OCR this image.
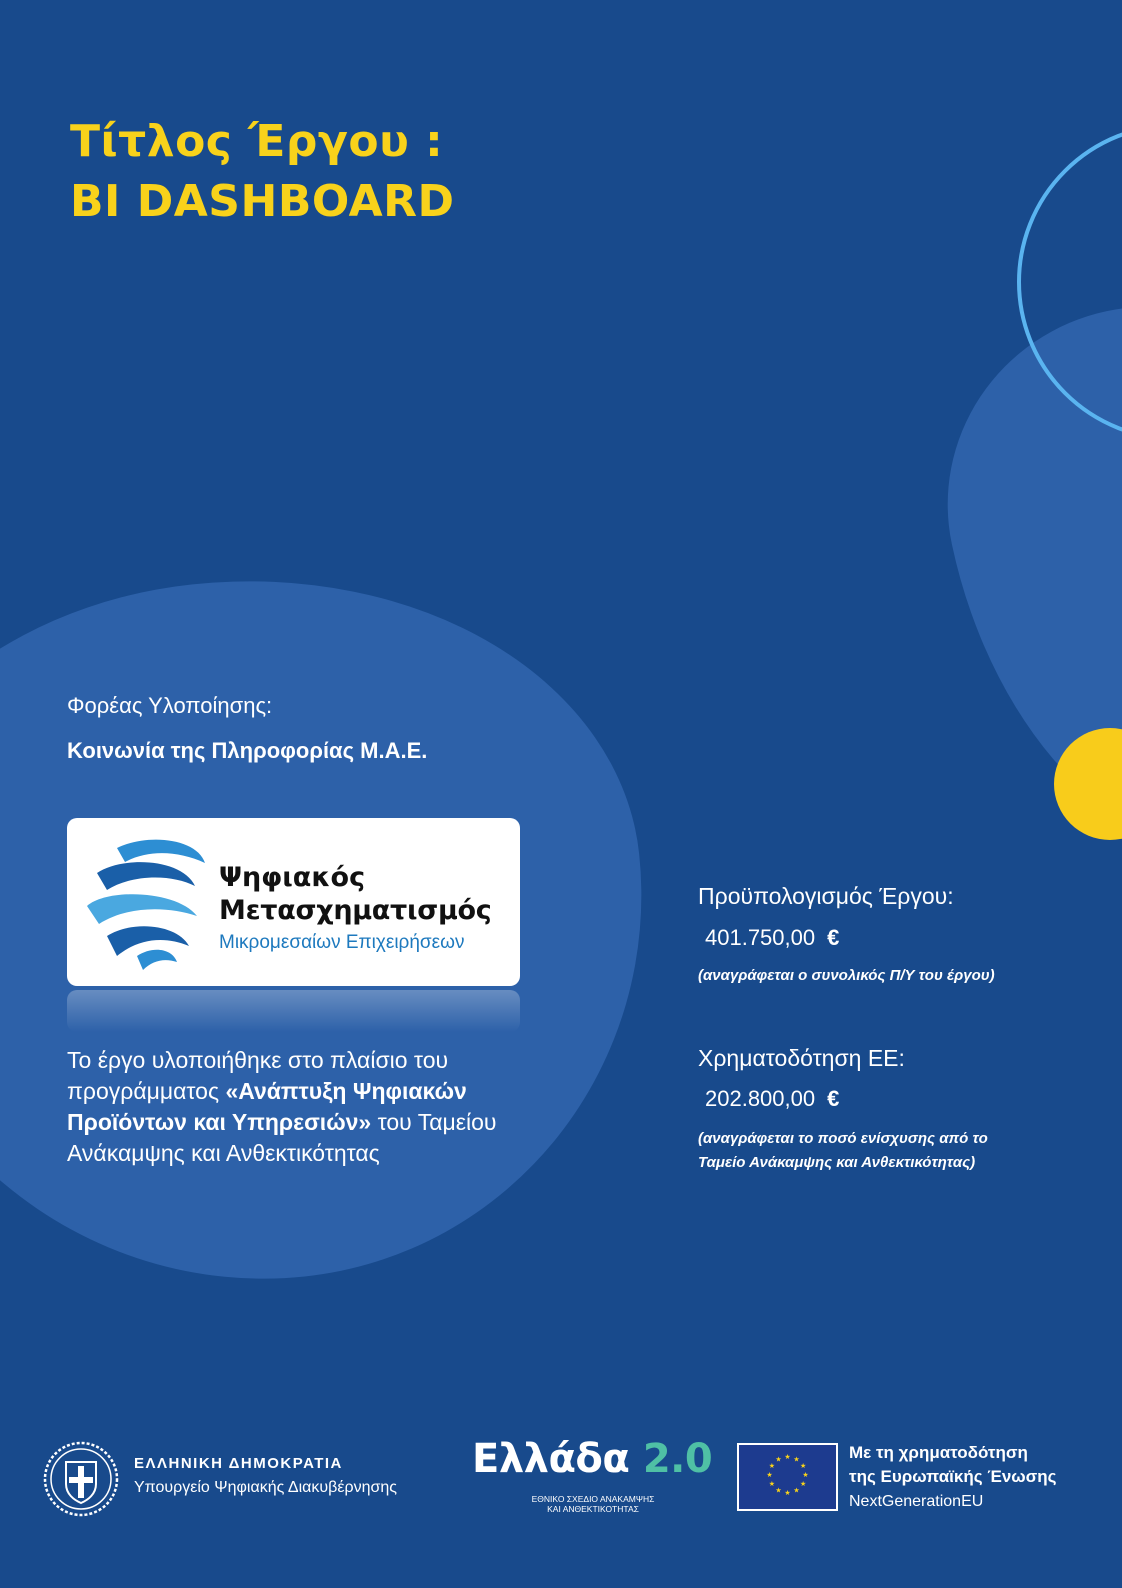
Τίτλος Έργου :
BI DASHBOARD
Φορέας Υλοποίησης:
Κοινωνία της Πληροφορίας Μ.Α.Ε.
Ψηφιακός
Μετασχηματισμός
Μικρομεσαίων Επιχειρήσεων
Το έργο υλοποιήθηκε στο πλαίσιο του προγράμματος «Ανάπτυξη Ψηφιακών Προϊόντων και Υπηρεσιών» του Ταμείου Ανάκαμψης και Ανθεκτικότητας
Προϋπολογισμός Έργου:
401.750,00 €
(αναγράφεται ο συνολικός Π/Υ του έργου)
Χρηματοδότηση ΕΕ:
202.800,00 €
(αναγράφεται το ποσό ενίσχυσης από το Ταμείο Ανάκαμψης και Ανθεκτικότητας)
ΕΛΛΗΝΙΚΗ ΔΗΜΟΚΡΑΤΙΑ
Υπουργείο Ψηφιακής Διακυβέρνησης
Ελλάδα 2.0
ΕΘΝΙΚΟ ΣΧΕΔΙΟ ΑΝΑΚΑΜΨΗΣ
ΚΑΙ ΑΝΘΕΚΤΙΚΟΤΗΤΑΣ
★ ★
★
★
★
★
★
★
★
★
★
★	Με τη χρηματοδότηση
της Ευρωπαϊκής Ένωσης
NextGenerationEU
